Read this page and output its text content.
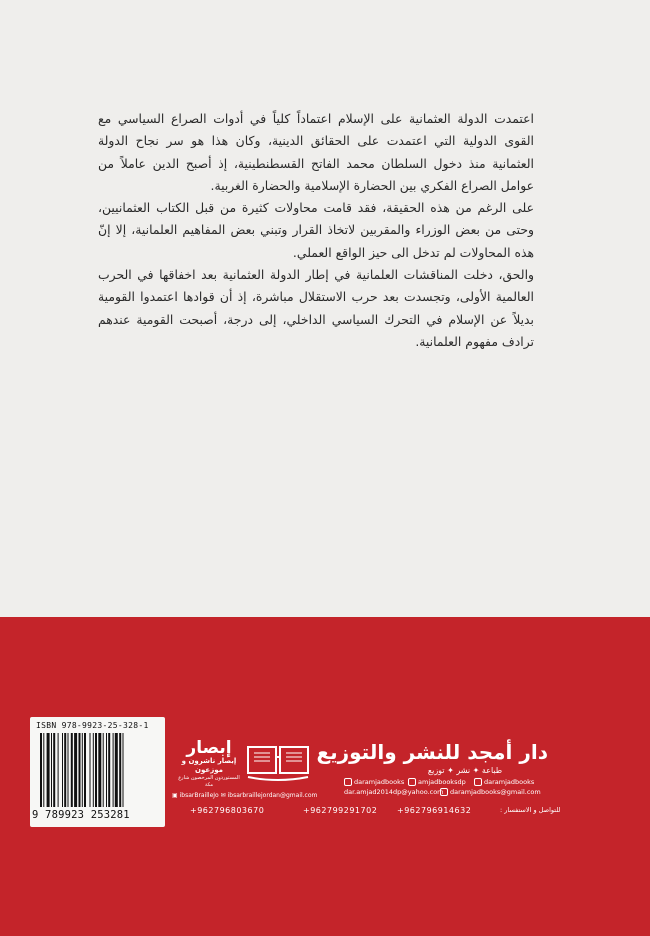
اعتمدت الدولة العثمانية على الإسلام اعتماداً كلياً في أدوات الصراع السياسي مع القوى الدولية التي اعتمدت على الحقائق الدينية، وكان هذا هو سر نجاح الدولة العثمانية منذ دخول السلطان محمد الفاتح القسطنطينية، إذ أصبح الدين عاملاً من عوامل الصراع الفكري بين الحضارة الإسلامية والحضارة الغربية.

على الرغم من هذه الحقيقة، فقد قامت محاولات كثيرة من قبل الكتاب العثمانيين، وحتى من بعض الوزراء والمقربين لاتخاذ القرار وتبني بعض المفاهيم العلمانية، إلا إنّ هذه المحاولات لم تدخل الى حيز الواقع العملي.

والحق، دخلت المناقشات العلمانية في إطار الدولة العثمانية بعد اخفاقها في الحرب العالمية الأولى، وتجسدت بعد حرب الاستقلال مباشرة، إذ أن قوادها اعتمدوا القومية بديلاً عن الإسلام في التحرك السياسي الداخلي، إلى درجة، أصبحت القومية عندهم ترادف مفهوم العلمانية.

ISBN 978-9923-25-328-1
9 789923 253281
إبصار
إبصار ناشرون و موزعون
المستوردون المرخصون شارع مكة
▣ ibsarBrailleJo ✉ ibsarbraillejordan@gmail.com
+962796803670	+962799291702
دار أمجد للنشر والتوزيع
طباعة ✦ نشر ✦ توزيع
daramjadbooks	amjadbooksdp	daramjadbooks
dar.amjad2014dp@yahoo.com daramjadbooks@gmail.com
+962796914632	للتواصل و الاستفسار :
